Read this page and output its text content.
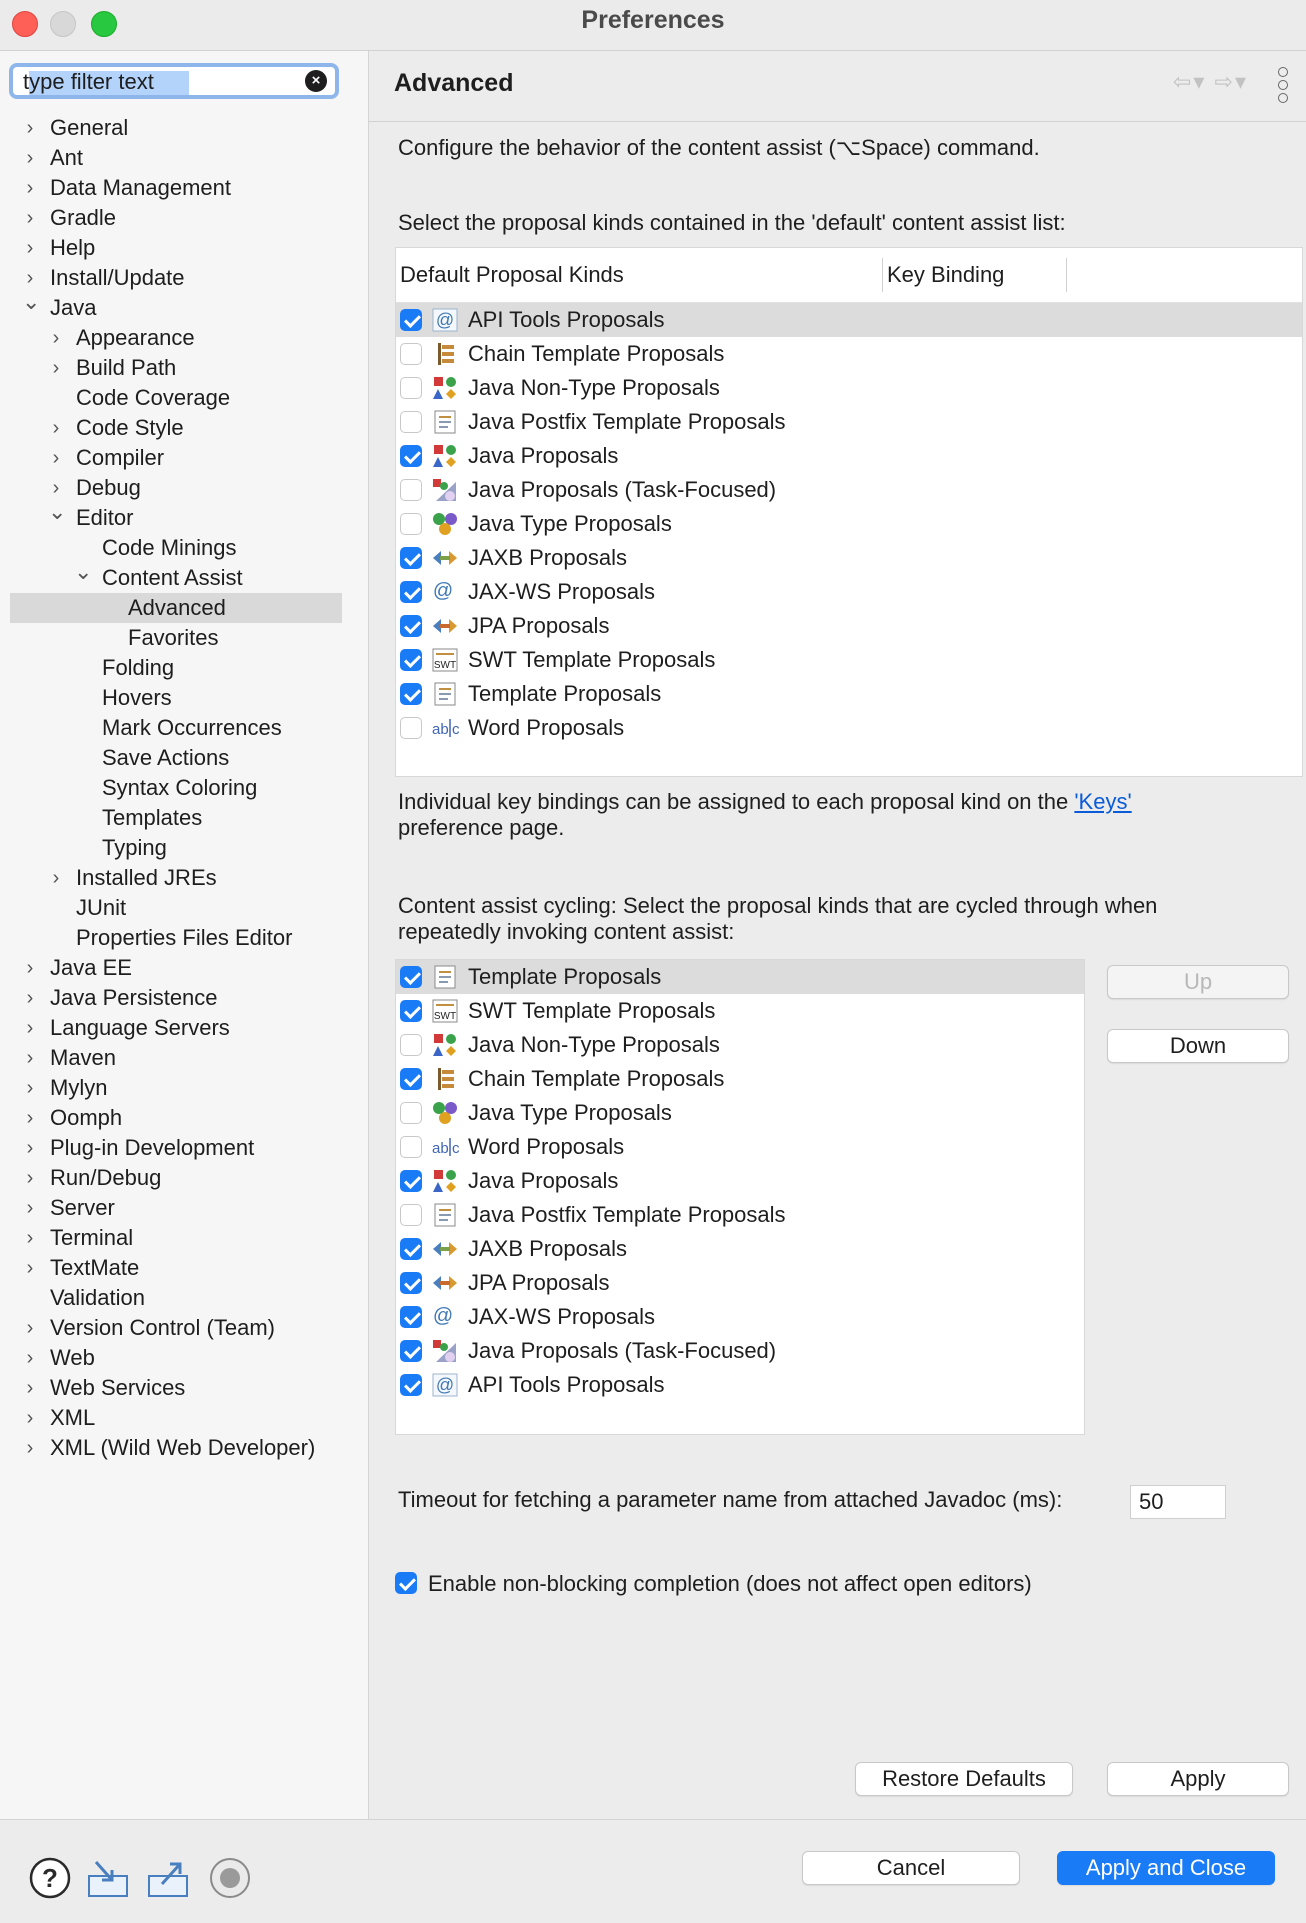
Preferences
type filter text
×
› General
› Ant
› Data Management
› Gradle
› Help
› Install/Update
⌄ Java
› Appearance
› Build Path
Code Coverage
› Code Style
› Compiler
› Debug
⌄ Editor
Code Minings
⌄ Content Assist
Advanced
Favorites
Folding
Hovers
Mark Occurrences
Save Actions
Syntax Coloring
Templates
Typing
› Installed JREs
JUnit
Properties Files Editor
› Java EE
› Java Persistence
› Language Servers
› Maven
› Mylyn
› Oomph
› Plug-in Development
› Run/Debug
› Server
› Terminal
› TextMate
Validation
› Version Control (Team)
› Web
› Web Services
› XML
› XML (Wild Web Developer)
Advanced	⇦▾ ⇨▾
Configure the behavior of the content assist (⌥Space) command.
Select the proposal kinds contained in the 'default' content assist list:
Default Proposal Kinds	Key Binding
@ API Tools Proposals
Chain Template Proposals
Java Non-Type Proposals
Java Postfix Template Proposals
Java Proposals
Java Proposals (Task-Focused)
Java Type Proposals
JAXB Proposals
@ JAX-WS Proposals
JPA Proposals
SWT SWT Template Proposals
Template Proposals
ab c Word Proposals
Individual key bindings can be assigned to each proposal kind on the 'Keys'
preference page.
Content assist cycling: Select the proposal kinds that are cycled through when
repeatedly invoking content assist:
Template Proposals
SWT SWT Template Proposals
Java Non-Type Proposals
Chain Template Proposals
Java Type Proposals
ab c Word Proposals
Java Proposals
Java Postfix Template Proposals
JAXB Proposals
JPA Proposals
@ JAX-WS Proposals
Java Proposals (Task-Focused)
@ API Tools Proposals
Up
Down
Timeout for fetching a parameter name from attached Javadoc (ms):	50
Enable non-blocking completion (does not affect open editors)
Restore Defaults	Apply
?	Cancel	Apply and Close
